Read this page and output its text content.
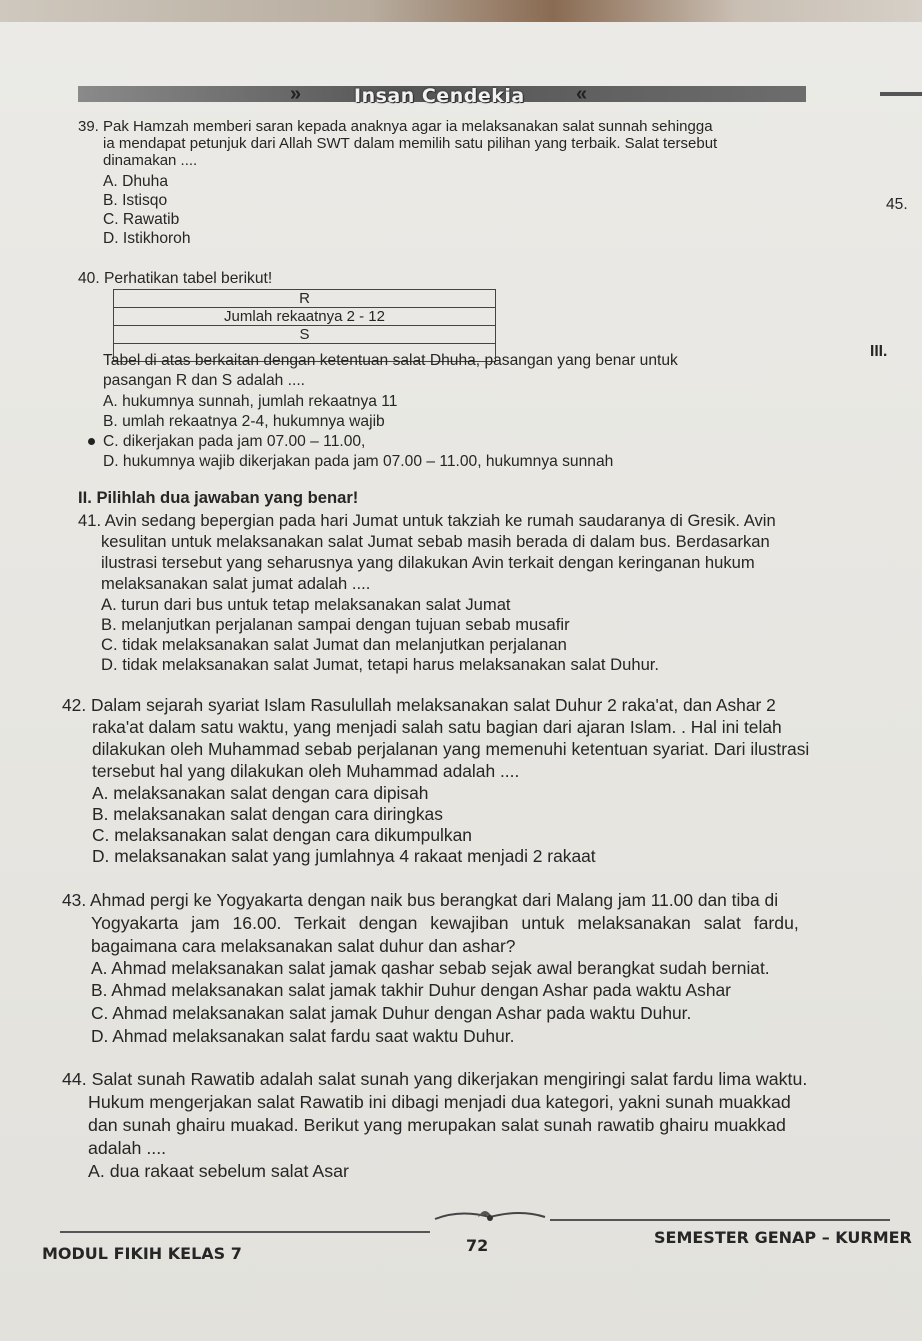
»	Insan Cendekia	«
39. Pak Hamzah memberi saran kepada anaknya agar ia melaksanakan salat sunnah sehingga
ia mendapat petunjuk dari Allah SWT dalam memilih satu pilihan yang terbaik. Salat tersebut
dinamakan ....
A. Dhuha
B. Istisqo
C. Rawatib
D. Istikhoroh
45.
40. Perhatikan tabel berikut!
R
Jumlah rekaatnya 2 - 12
S

Tabel di atas berkaitan dengan ketentuan salat Dhuha, pasangan yang benar untuk
III.
pasangan R dan S adalah ....
A. hukumnya sunnah, jumlah rekaatnya 11
B. umlah rekaatnya 2-4, hukumnya wajib
C. dikerjakan pada jam 07.00 – 11.00,
D. hukumnya wajib dikerjakan pada jam 07.00 – 11.00, hukumnya sunnah
II. Pilihlah dua jawaban yang benar!
41. Avin sedang bepergian pada hari Jumat untuk takziah ke rumah saudaranya di Gresik. Avin
kesulitan untuk melaksanakan salat Jumat sebab masih berada di dalam bus. Berdasarkan
ilustrasi tersebut yang seharusnya yang dilakukan Avin terkait dengan keringanan hukum
melaksanakan salat jumat adalah ....
A. turun dari bus untuk tetap melaksanakan salat Jumat
B. melanjutkan perjalanan sampai dengan tujuan sebab musafir
C. tidak melaksanakan salat Jumat dan melanjutkan perjalanan
D. tidak melaksanakan salat Jumat, tetapi harus melaksanakan salat Duhur.
42. Dalam sejarah syariat Islam Rasulullah melaksanakan salat Duhur 2 raka'at, dan Ashar 2
raka'at dalam satu waktu, yang menjadi salah satu bagian dari ajaran Islam. . Hal ini telah
dilakukan oleh Muhammad sebab perjalanan yang memenuhi ketentuan syariat. Dari ilustrasi
tersebut hal yang dilakukan oleh Muhammad adalah ....
A. melaksanakan salat dengan cara dipisah
B. melaksanakan salat dengan cara diringkas
C. melaksanakan salat dengan cara dikumpulkan
D. melaksanakan salat yang jumlahnya 4 rakaat menjadi 2 rakaat
43. Ahmad pergi ke Yogyakarta dengan naik bus berangkat dari Malang jam 11.00 dan tiba di
Yogyakarta jam 16.00. Terkait dengan kewajiban untuk melaksanakan salat fardu,
bagaimana cara melaksanakan salat duhur dan ashar?
A. Ahmad melaksanakan salat jamak qashar sebab sejak awal berangkat sudah berniat.
B. Ahmad melaksanakan salat jamak takhir Duhur dengan Ashar pada waktu Ashar
C. Ahmad melaksanakan salat jamak Duhur dengan Ashar pada waktu Duhur.
D. Ahmad melaksanakan salat fardu saat waktu Duhur.
44. Salat sunah Rawatib adalah salat sunah yang dikerjakan mengiringi salat fardu lima waktu.
Hukum mengerjakan salat Rawatib ini dibagi menjadi dua kategori, yakni sunah muakkad
dan sunah ghairu muakad. Berikut yang merupakan salat sunah rawatib ghairu muakkad
adalah ....
A. dua rakaat sebelum salat Asar
MODUL FIKIH KELAS 7	72	SEMESTER GENAP – KURMER
